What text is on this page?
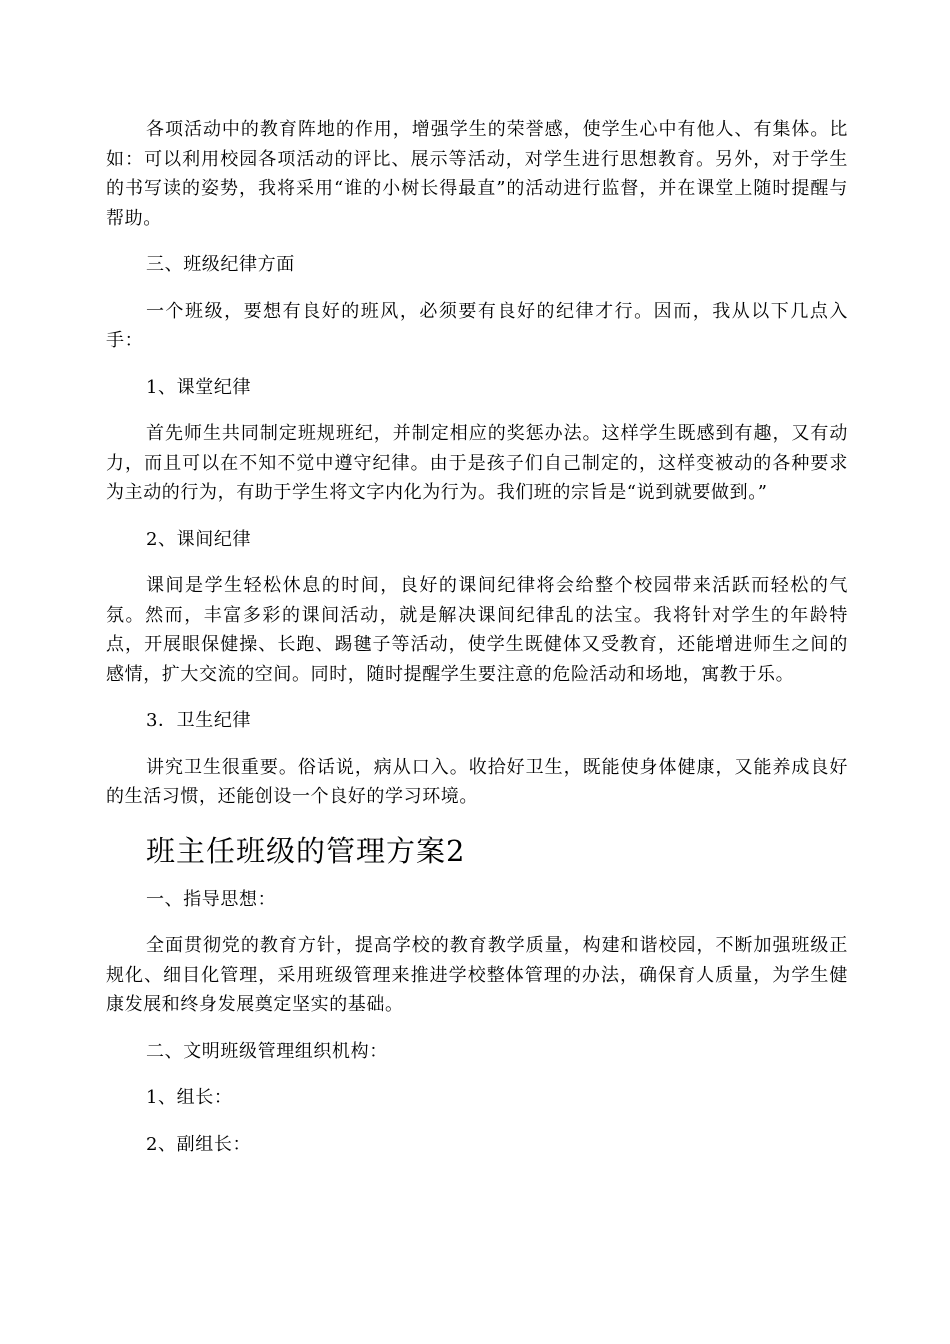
各项活动中的教育阵地的作用，增强学生的荣誉感，使学生心中有他人、有集体。比如：可以利用校园各项活动的评比、展示等活动，对学生进行思想教育。另外，对于学生的书写读的姿势，我将采用“谁的小树长得最直”的活动进行监督，并在课堂上随时提醒与帮助。

三、班级纪律方面

一个班级，要想有良好的班风，必须要有良好的纪律才行。因而，我从以下几点入手：

1、课堂纪律

首先师生共同制定班规班纪，并制定相应的奖惩办法。这样学生既感到有趣，又有动力，而且可以在不知不觉中遵守纪律。由于是孩子们自己制定的，这样变被动的各种要求为主动的行为，有助于学生将文字内化为行为。我们班的宗旨是“说到就要做到。”

2、课间纪律

课间是学生轻松休息的时间，良好的课间纪律将会给整个校园带来活跃而轻松的气氛。然而，丰富多彩的课间活动，就是解决课间纪律乱的法宝。我将针对学生的年龄特点，开展眼保健操、长跑、踢毽子等活动，使学生既健体又受教育，还能增进师生之间的感情，扩大交流的空间。同时，随时提醒学生要注意的危险活动和场地，寓教于乐。

3．卫生纪律

讲究卫生很重要。俗话说，病从口入。收拾好卫生，既能使身体健康，又能养成良好的生活习惯，还能创设一个良好的学习环境。

班主任班级的管理方案2

一、指导思想：

全面贯彻党的教育方针，提高学校的教育教学质量，构建和谐校园，不断加强班级正规化、细目化管理，采用班级管理来推进学校整体管理的办法，确保育人质量，为学生健康发展和终身发展奠定坚实的基础。

二、文明班级管理组织机构：

1、组长：

2、副组长：
